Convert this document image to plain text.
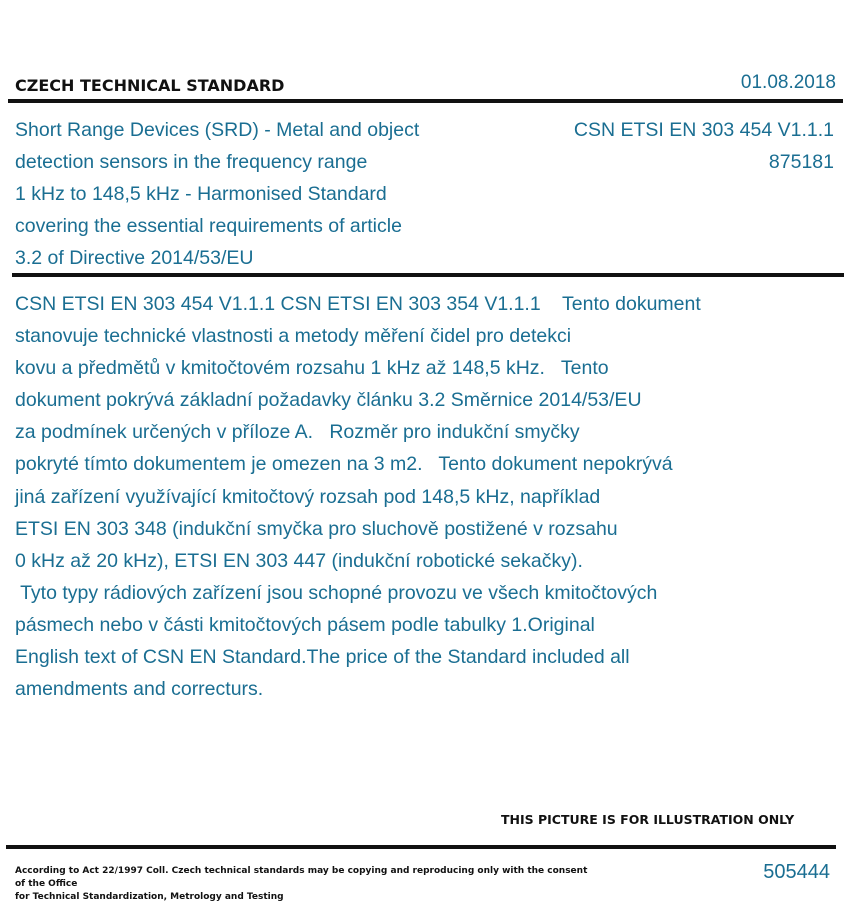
CZECH TECHNICAL STANDARD	01.08.2018
Short Range Devices (SRD) - Metal and object
detection sensors in the frequency range
1 kHz to 148,5 kHz - Harmonised Standard
covering the essential requirements of article
3.2 of Directive 2014/53/EU
CSN ETSI EN 303 454 V1.1.1
875181
CSN ETSI EN 303 454 V1.1.1 CSN ETSI EN 303 354 V1.1.1    Tento dokument
stanovuje technické vlastnosti a metody měření čidel pro detekci
kovu a předmětů v kmitočtovém rozsahu 1 kHz až 148,5 kHz.   Tento
dokument pokrývá základní požadavky článku 3.2 Směrnice 2014/53/EU
za podmínek určených v příloze A.   Rozměr pro indukční smyčky
pokryté tímto dokumentem je omezen na 3 m2.   Tento dokument nepokrývá
jiná zařízení využívající kmitočtový rozsah pod 148,5 kHz, například
ETSI EN 303 348 (indukční smyčka pro sluchově postižené v rozsahu
0 kHz až 20 kHz), ETSI EN 303 447 (indukční robotické sekačky).
Tyto typy rádiových zařízení jsou schopné provozu ve všech kmitočtových
pásmech nebo v části kmitočtových pásem podle tabulky 1.Original
English text of CSN EN Standard.The price of the Standard included all
amendments and correcturs.
THIS PICTURE IS FOR ILLUSTRATION ONLY
According to Act 22/1997 Coll. Czech technical standards may be copying and reproducing only with the consent of the Office
for Technical Standardization, Metrology and Testing
505444
